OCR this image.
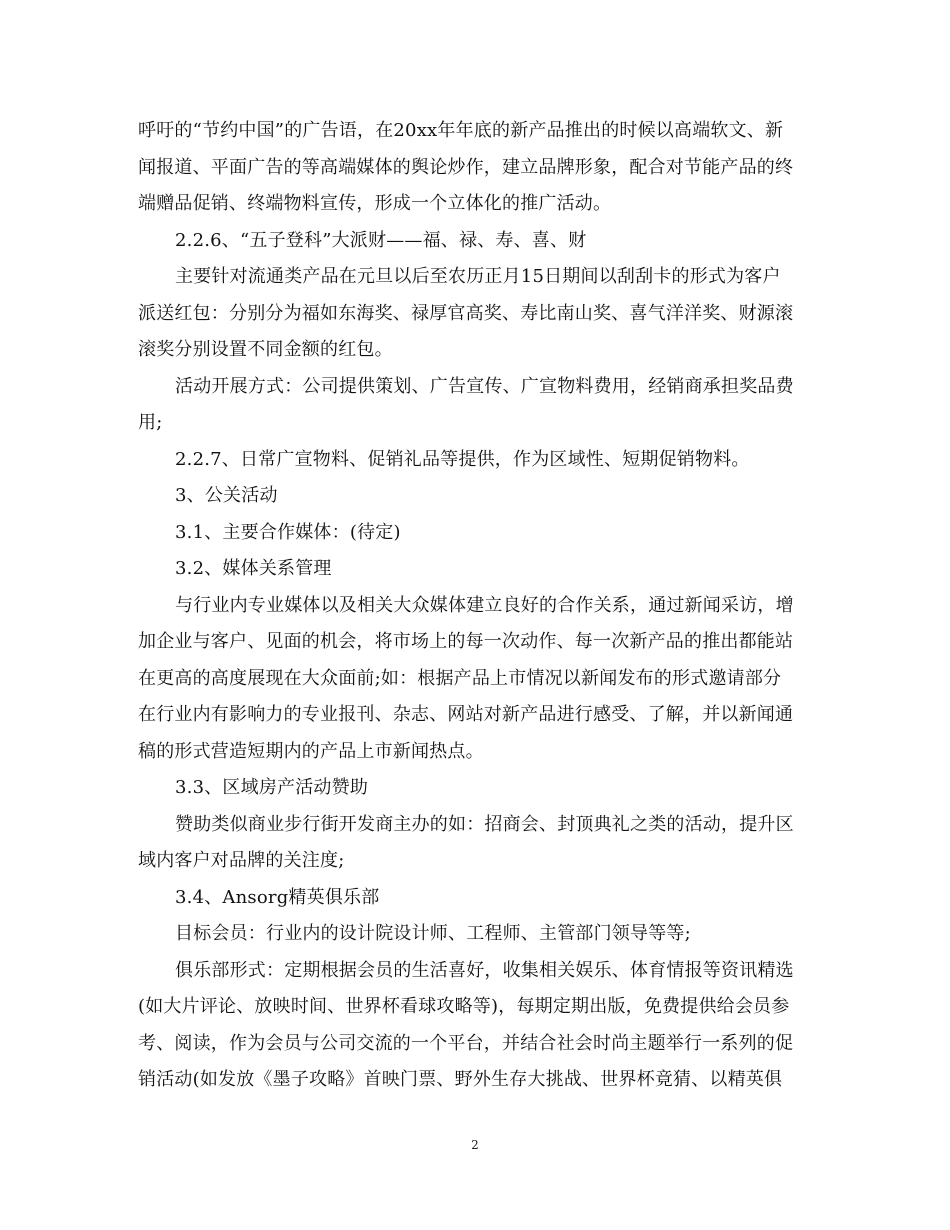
呼吁的“节约中国”的广告语，在20xx年年底的新产品推出的时候以高端软文、新
闻报道、平面广告的等高端媒体的舆论炒作，建立品牌形象，配合对节能产品的终
端赠品促销、终端物料宣传，形成一个立体化的推广活动。
2.2.6、“五子登科”大派财——福、禄、寿、喜、财
主要针对流通类产品在元旦以后至农历正月15日期间以刮刮卡的形式为客户
派送红包：分别分为福如东海奖、禄厚官高奖、寿比南山奖、喜气洋洋奖、财源滚
滚奖分别设置不同金额的红包。
活动开展方式：公司提供策划、广告宣传、广宣物料费用，经销商承担奖品费
用;
2.2.7、日常广宣物料、促销礼品等提供，作为区域性、短期促销物料。
3、公关活动
3.1、主要合作媒体：(待定)
3.2、媒体关系管理
与行业内专业媒体以及相关大众媒体建立良好的合作关系，通过新闻采访，增
加企业与客户、见面的机会，将市场上的每一次动作、每一次新产品的推出都能站
在更高的高度展现在大众面前;如：根据产品上市情况以新闻发布的形式邀请部分
在行业内有影响力的专业报刊、杂志、网站对新产品进行感受、了解，并以新闻通
稿的形式营造短期内的产品上市新闻热点。
3.3、区域房产活动赞助
赞助类似商业步行街开发商主办的如：招商会、封顶典礼之类的活动，提升区
域内客户对品牌的关注度;
3.4、Ansorg精英俱乐部
目标会员：行业内的设计院设计师、工程师、主管部门领导等等;
俱乐部形式：定期根据会员的生活喜好，收集相关娱乐、体育情报等资讯精选
(如大片评论、放映时间、世界杯看球攻略等)，每期定期出版，免费提供给会员参
考、阅读，作为会员与公司交流的一个平台，并结合社会时尚主题举行一系列的促
销活动(如发放《墨子攻略》首映门票、野外生存大挑战、世界杯竟猜、以精英俱
2
